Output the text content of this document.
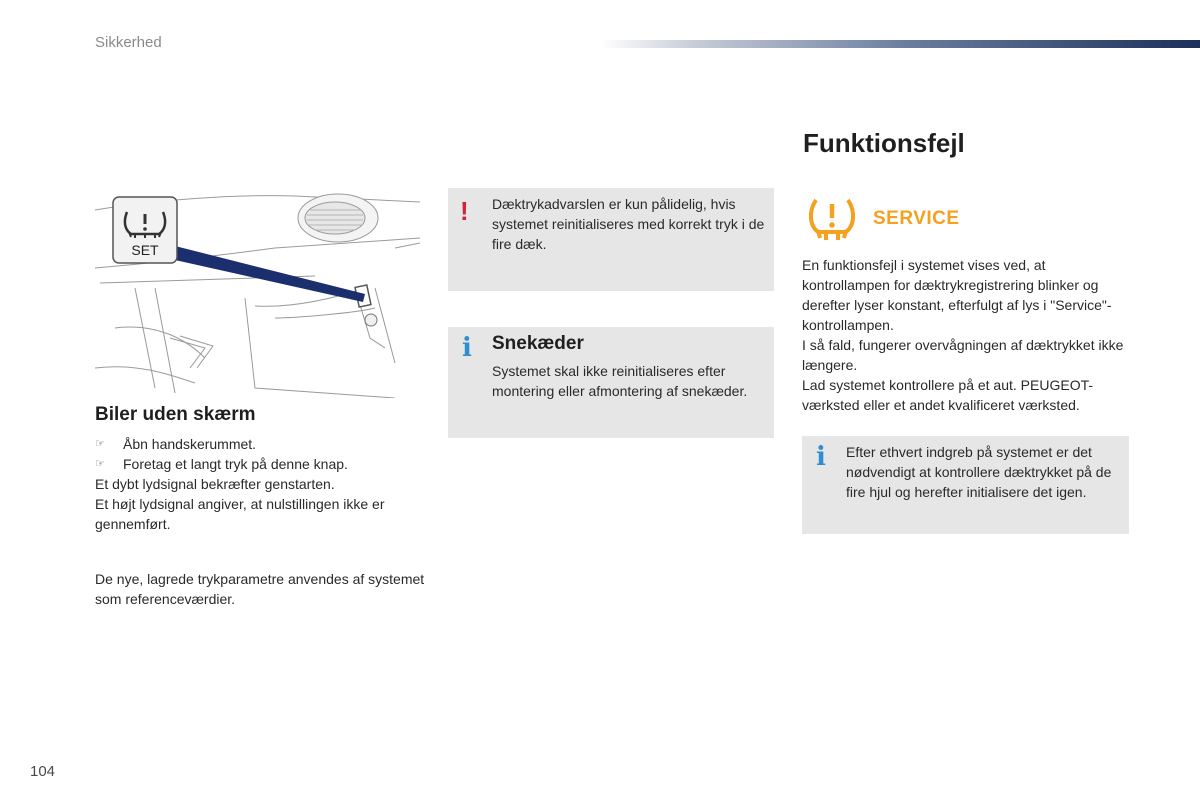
Sikkerhed
SET
Biler uden skærm
☞	Åbn handskerummet.
☞	Foretag et langt tryk på denne knap.
Et dybt lydsignal bekræfter genstarten.
Et højt lydsignal angiver, at nulstillingen ikke er gennemført.
De nye, lagrede trykparametre anvendes af systemet som referenceværdier.
! Dæktrykadvarslen er kun pålidelig, hvis systemet reinitialiseres med korrekt tryk i de fire dæk.
i Snekæder
Systemet skal ikke reinitialiseres efter montering eller afmontering af snekæder.
Funktionsfejl
SERVICE
En funktionsfejl i systemet vises ved, at kontrollampen for dæktrykregistrering blinker og derefter lyser konstant, efterfulgt af lys i "Service"-kontrollampen.
I så fald, fungerer overvågningen af dæktrykket ikke længere.
Lad systemet kontrollere på et aut. PEUGEOT-værksted eller et andet kvalificeret værksted.
i Efter ethvert indgreb på systemet er det nødvendigt at kontrollere dæktrykket på de fire hjul og herefter initialisere det igen.
104
